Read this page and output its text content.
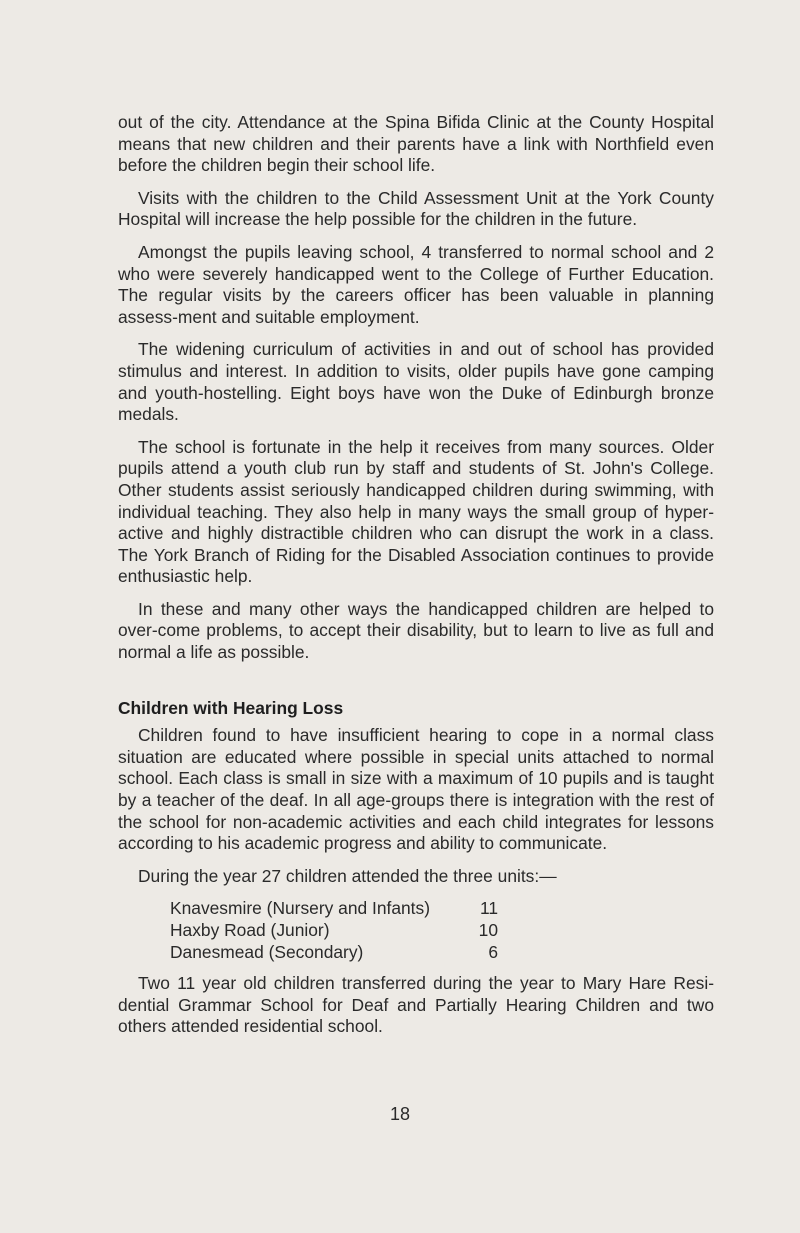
out of the city. Attendance at the Spina Bifida Clinic at the County Hospital means that new children and their parents have a link with Northfield even before the children begin their school life.

Visits with the children to the Child Assessment Unit at the York County Hospital will increase the help possible for the children in the future.

Amongst the pupils leaving school, 4 transferred to normal school and 2 who were severely handicapped went to the College of Further Education. The regular visits by the careers officer has been valuable in planning assess-ment and suitable employment.

The widening curriculum of activities in and out of school has provided stimulus and interest. In addition to visits, older pupils have gone camping and youth-hostelling. Eight boys have won the Duke of Edinburgh bronze medals.

The school is fortunate in the help it receives from many sources. Older pupils attend a youth club run by staff and students of St. John's College. Other students assist seriously handicapped children during swimming, with individual teaching. They also help in many ways the small group of hyper-active and highly distractible children who can disrupt the work in a class. The York Branch of Riding for the Disabled Association continues to provide enthusiastic help.

In these and many other ways the handicapped children are helped to over-come problems, to accept their disability, but to learn to live as full and normal a life as possible.

Children with Hearing Loss

Children found to have insufficient hearing to cope in a normal class situation are educated where possible in special units attached to normal school. Each class is small in size with a maximum of 10 pupils and is taught by a teacher of the deaf. In all age-groups there is integration with the rest of the school for non-academic activities and each child integrates for lessons according to his academic progress and ability to communicate.

During the year 27 children attended the three units:—

Knavesmire (Nursery and Infants)	11
Haxby Road (Junior)	10
Danesmead (Secondary)	6

Two 11 year old children transferred during the year to Mary Hare Resi-dential Grammar School for Deaf and Partially Hearing Children and two others attended residential school.

18
